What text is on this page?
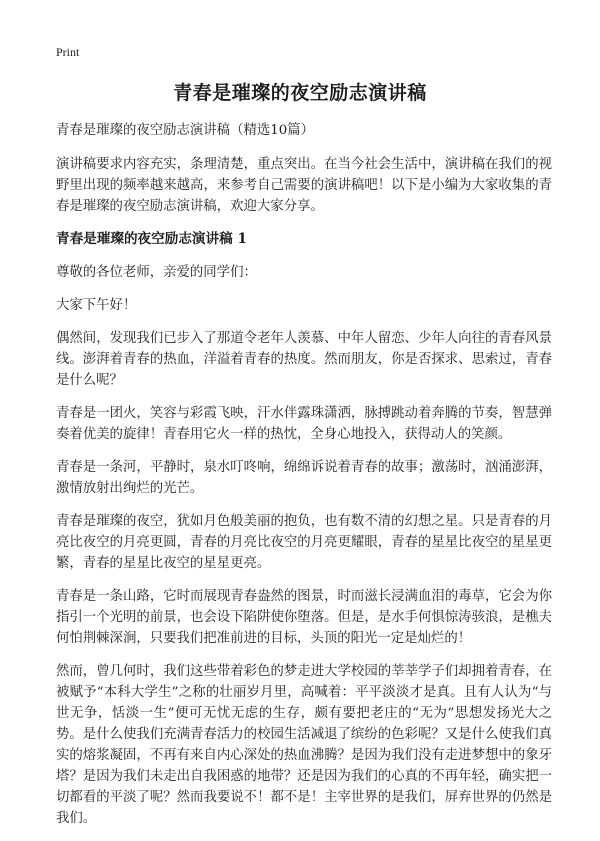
Print
青春是璀璨的夜空励志演讲稿

青春是璀璨的夜空励志演讲稿（精选10篇）

演讲稿要求内容充实，条理清楚，重点突出。在当今社会生活中，演讲稿在我们的视野里出现的频率越来越高，来参考自己需要的演讲稿吧！以下是小编为大家收集的青春是璀璨的夜空励志演讲稿，欢迎大家分享。

青春是璀璨的夜空励志演讲稿 1

尊敬的各位老师，亲爱的同学们：

大家下午好！

偶然间，发现我们已步入了那道令老年人羡慕、中年人留恋、少年人向往的青春风景线。澎湃着青春的热血，洋溢着青春的热度。然而朋友，你是否探求、思索过，青春是什么呢？

青春是一团火，笑容与彩霞飞映，汗水伴露珠潇洒，脉搏跳动着奔腾的节奏，智慧弹奏着优美的旋律！青春用它火一样的热忱，全身心地投入，获得动人的笑颜。

青春是一条河，平静时，泉水叮咚响，绵绵诉说着青春的故事；激荡时，汹涌澎湃，激情放射出绚烂的光芒。

青春是璀璨的夜空，犹如月色般美丽的抱负，也有数不清的幻想之星。只是青春的月亮比夜空的月亮更圆，青春的月亮比夜空的月亮更耀眼，青春的星星比夜空的星星更繁，青春的星星比夜空的星星更亮。

青春是一条山路，它时而展现青春盎然的图景，时而滋长浸满血泪的毒草，它会为你指引一个光明的前景，也会设下陷阱使你堕落。但是，是水手何惧惊涛骇浪，是樵夫何怕荆棘深涧，只要我们把准前进的目标，头顶的阳光一定是灿烂的！

然而，曾几何时，我们这些带着彩色的梦走进大学校园的莘莘学子们却拥着青春，在被赋予“本科大学生”之称的壮丽岁月里，高喊着：平平淡淡才是真。且有人认为“与世无争，恬淡一生”便可无忧无虑的生存，颇有要把老庄的“无为”思想发扬光大之势。是什么使我们充满青春活力的校园生活减退了缤纷的色彩呢？又是什么使我们真实的熔浆凝固，不再有来自内心深处的热血沸腾？是因为我们没有走进梦想中的象牙塔？是因为我们未走出自我困惑的地带？还是因为我们的心真的不再年轻，确实把一切都看的平淡了呢？然而我要说不！都不是！主宰世界的是我们，屏弃世界的仍然是我们。
